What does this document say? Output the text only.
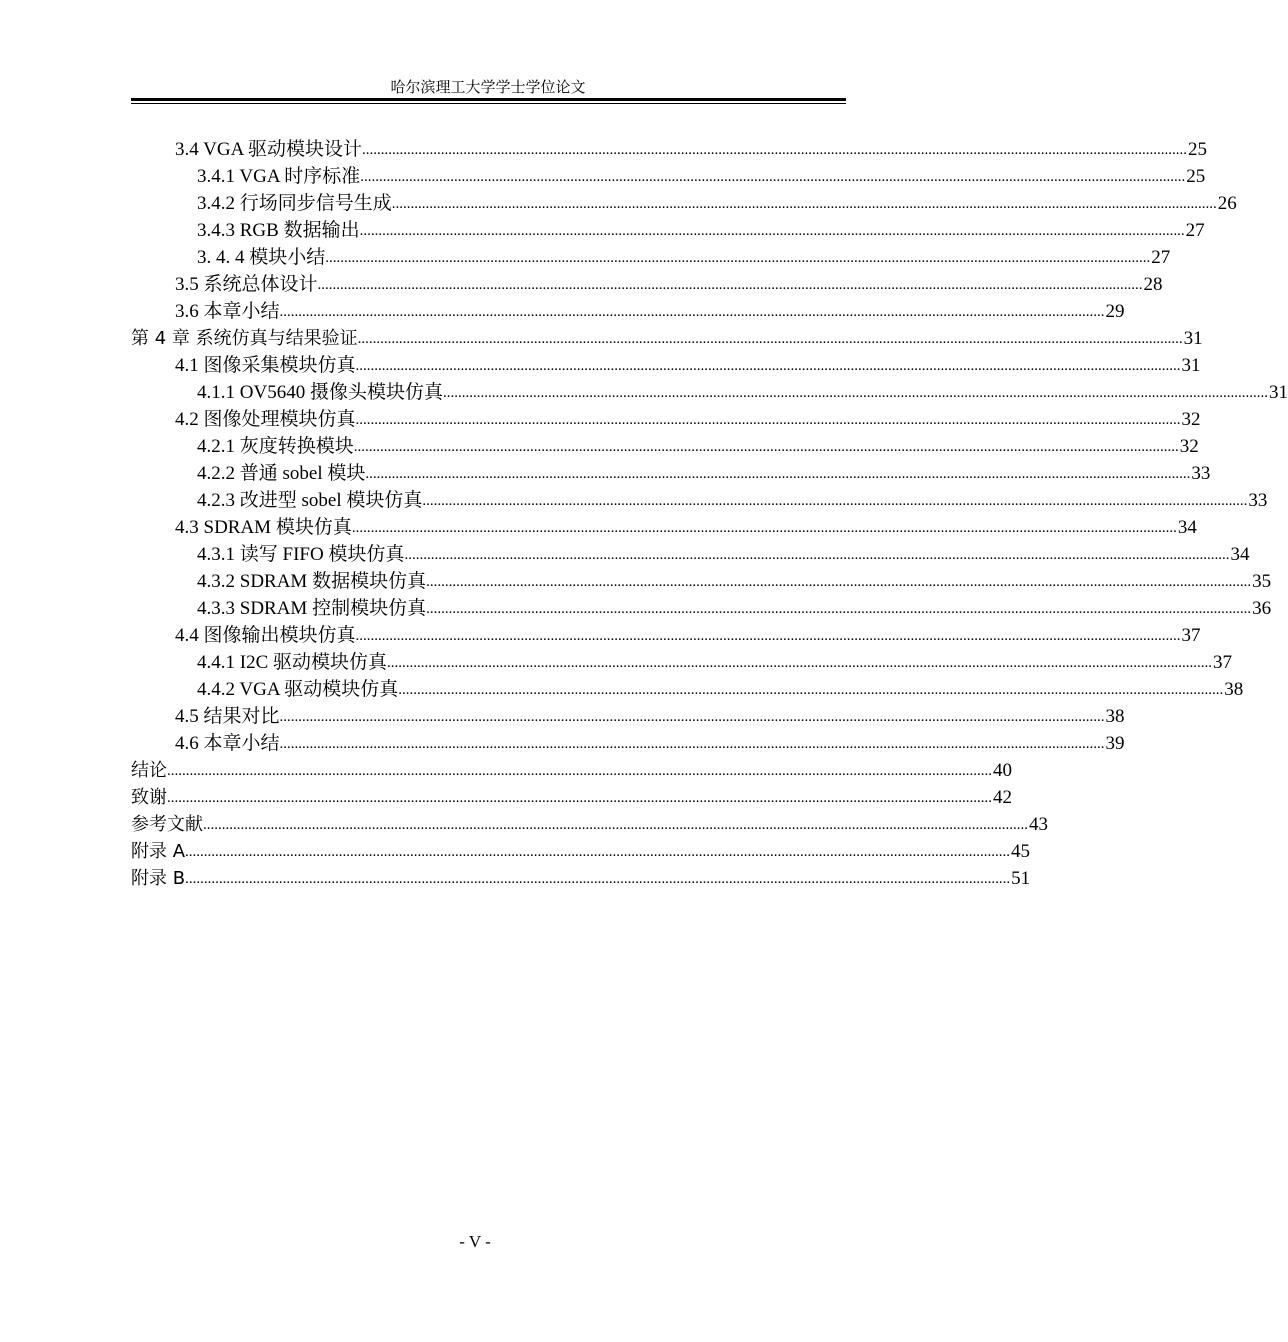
哈尔滨理工大学学士学位论文
3.4 VGA 驱动模块设计 ............................................................................................................................................................................................................................ 25
3.4.1 VGA 时序标准 ............................................................................................................................................................................................................................ 25
3.4.2 行场同步信号生成 ............................................................................................................................................................................................................................ 26
3.4.3 RGB 数据输出 ............................................................................................................................................................................................................................ 27
3. 4. 4 模块小结 ............................................................................................................................................................................................................................ 27
3.5 系统总体设计 ............................................................................................................................................................................................................................ 28
3.6 本章小结 ............................................................................................................................................................................................................................ 29
第 4 章 系统仿真与结果验证 ............................................................................................................................................................................................................................ 31
4.1 图像采集模块仿真 ............................................................................................................................................................................................................................ 31
4.1.1 OV5640 摄像头模块仿真 ............................................................................................................................................................................................................................ 31
4.2 图像处理模块仿真 ............................................................................................................................................................................................................................ 32
4.2.1 灰度转换模块 ............................................................................................................................................................................................................................ 32
4.2.2 普通 sobel 模块 ............................................................................................................................................................................................................................ 33
4.2.3 改进型 sobel 模块仿真 ............................................................................................................................................................................................................................ 33
4.3 SDRAM 模块仿真 ............................................................................................................................................................................................................................ 34
4.3.1 读写 FIFO 模块仿真 ............................................................................................................................................................................................................................ 34
4.3.2 SDRAM 数据模块仿真 ............................................................................................................................................................................................................................ 35
4.3.3 SDRAM 控制模块仿真 ............................................................................................................................................................................................................................ 36
4.4 图像输出模块仿真 ............................................................................................................................................................................................................................ 37
4.4.1 I2C 驱动模块仿真 ............................................................................................................................................................................................................................ 37
4.4.2 VGA 驱动模块仿真 ............................................................................................................................................................................................................................ 38
4.5 结果对比 ............................................................................................................................................................................................................................ 38
4.6 本章小结 ............................................................................................................................................................................................................................ 39
结论 ............................................................................................................................................................................................................................ 40
致谢 ............................................................................................................................................................................................................................ 42
参考文献 ............................................................................................................................................................................................................................ 43
附录 A ............................................................................................................................................................................................................................ 45
附录 B ............................................................................................................................................................................................................................ 51
- V -
